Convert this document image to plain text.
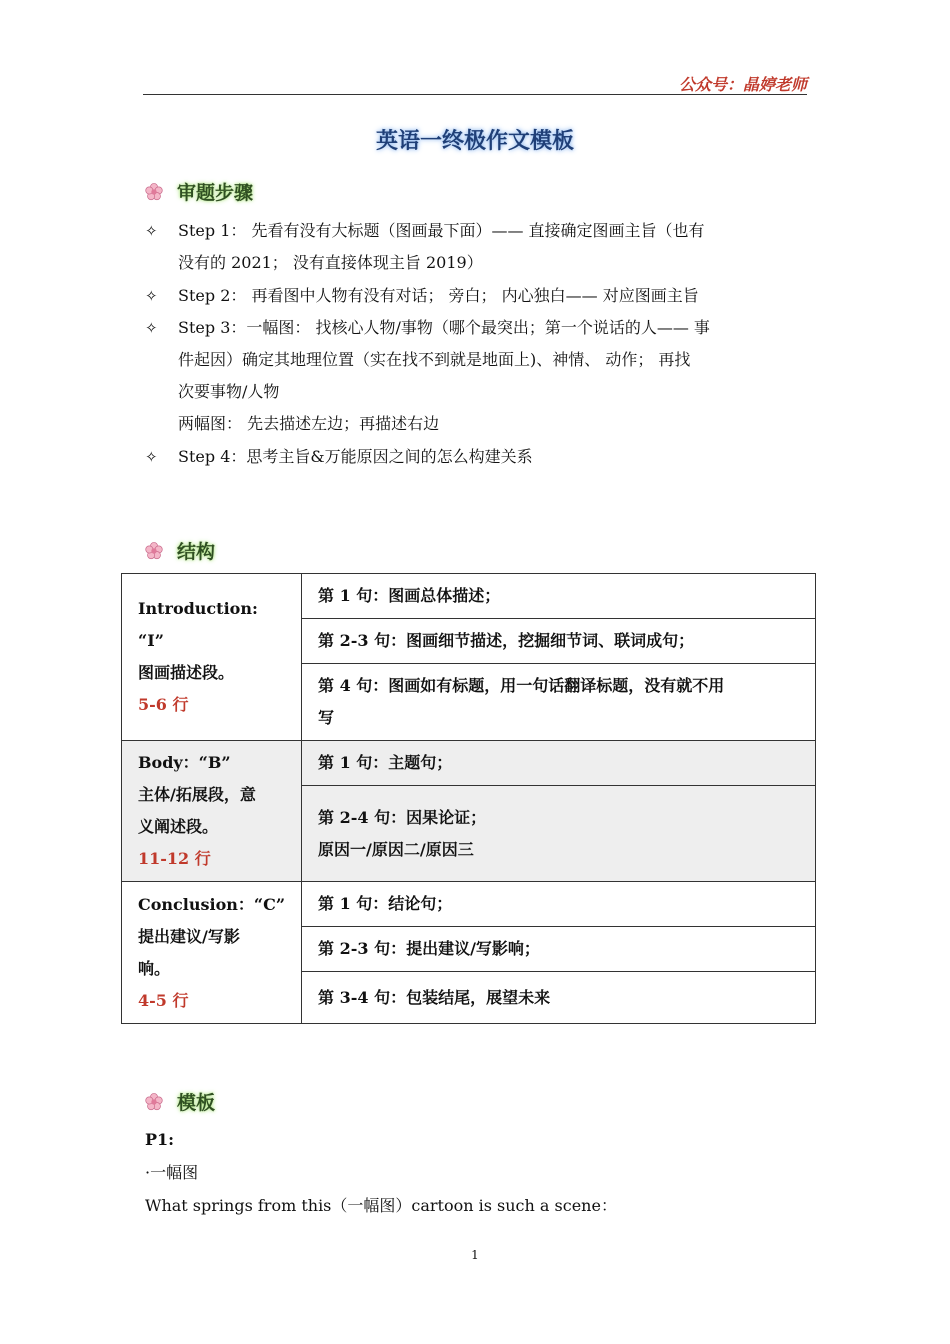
公众号：晶婷老师
英语一终极作文模板
审题步骤
✧	Step 1： 先看有没有大标题（图画最下面）—— 直接确定图画主旨（也有
没有的 2021； 没有直接体现主旨 2019）
✧	Step 2： 再看图中人物有没有对话； 旁白； 内心独白—— 对应图画主旨
✧	Step 3：一幅图： 找核心人物/事物（哪个最突出；第一个说话的人—— 事
件起因）确定其地理位置（实在找不到就是地面上)、神情、 动作； 再找
次要事物/人物
两幅图： 先去描述左边；再描述右边
✧	Step 4：思考主旨&万能原因之间的怎么构建关系
结构
Introduction:
“I”
图画描述段。
5-6 行	第 1 句：图画总体描述；
	第 2-3 句：图画细节描述，挖掘细节词、联词成句；

	第 4 句：图画如有标题，用一句话翻译标题，没有就不用
写

Body：“B”
主体/拓展段，意
义阐述段。
11-12 行	第 1 句：主题句；

	第 2-4 句：因果论证；
原因一/原因二/原因三

Conclusion：“C”
提出建议/写影
响。
4-5 行	第 1 句：结论句；
	第 2-3 句：提出建议/写影响；
	第 3-4 句：包装结尾，展望未来
模板
P1:
·一幅图
What springs from this（一幅图）cartoon is such a scene：
1
